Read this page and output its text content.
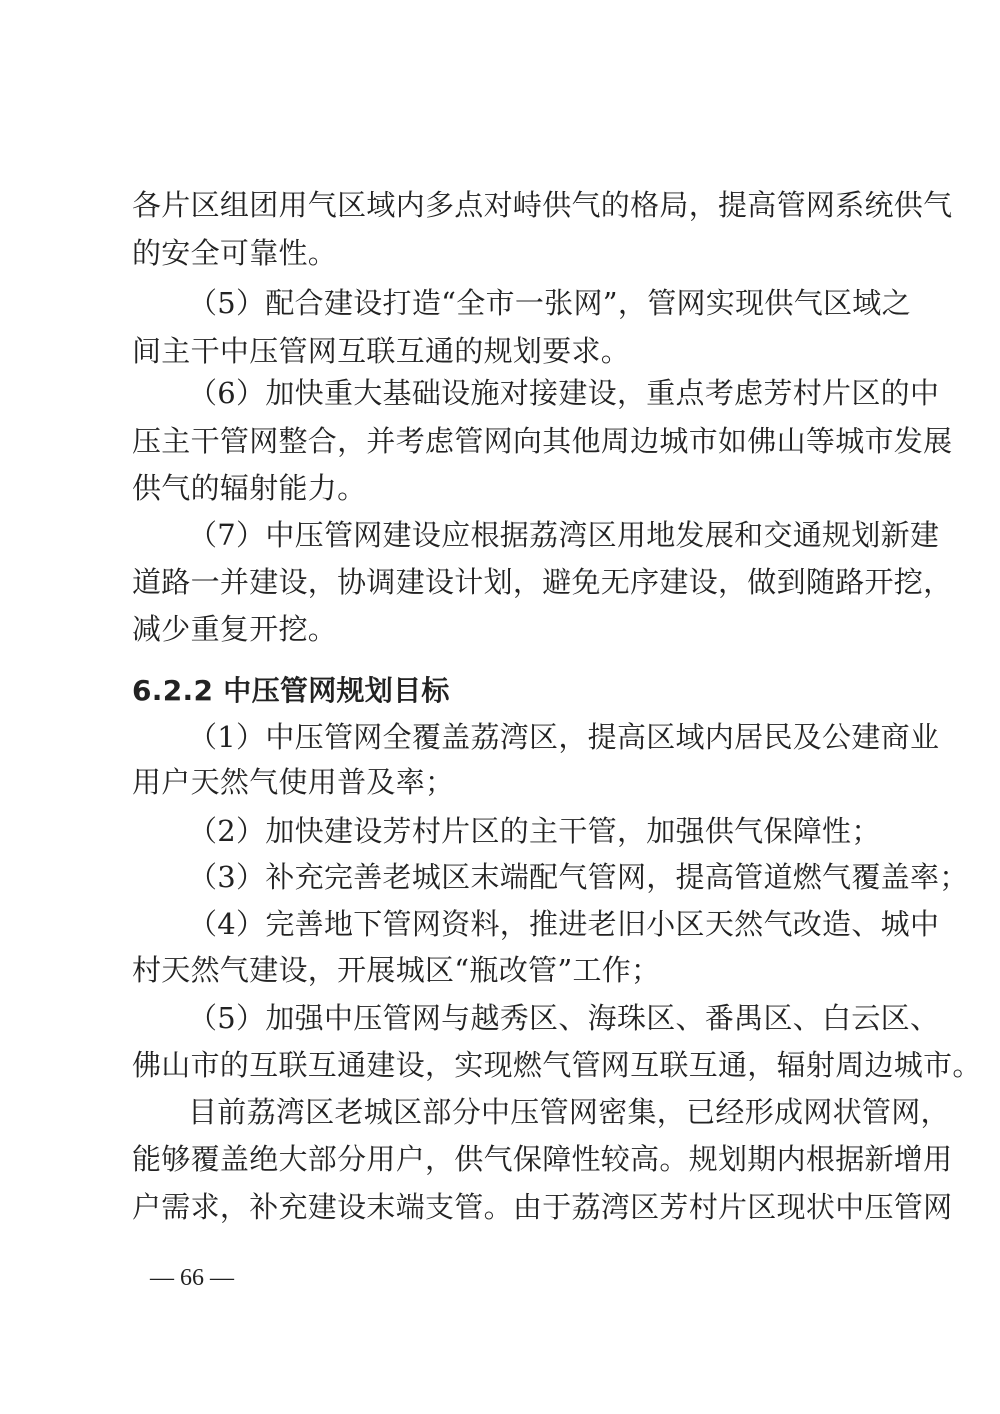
各片区组团用气区域内多点对峙供气的格局，提高管网系统供气
的安全可靠性。
（5）配合建设打造“全市一张网”，管网实现供气区域之
间主干中压管网互联互通的规划要求。
（6）加快重大基础设施对接建设，重点考虑芳村片区的中
压主干管网整合，并考虑管网向其他周边城市如佛山等城市发展
供气的辐射能力。
（7）中压管网建设应根据荔湾区用地发展和交通规划新建
道路一并建设，协调建设计划，避免无序建设，做到随路开挖，
减少重复开挖。
6.2.2 中压管网规划目标
（1）中压管网全覆盖荔湾区，提高区域内居民及公建商业
用户天然气使用普及率；
（2）加快建设芳村片区的主干管，加强供气保障性；
（3）补充完善老城区末端配气管网，提高管道燃气覆盖率；
（4）完善地下管网资料，推进老旧小区天然气改造、城中
村天然气建设，开展城区“瓶改管”工作；
（5）加强中压管网与越秀区、海珠区、番禺区、白云区、
佛山市的互联互通建设，实现燃气管网互联互通，辐射周边城市。
目前荔湾区老城区部分中压管网密集，已经形成网状管网，
能够覆盖绝大部分用户，供气保障性较高。规划期内根据新增用
户需求，补充建设末端支管。由于荔湾区芳村片区现状中压管网
— 66 —
